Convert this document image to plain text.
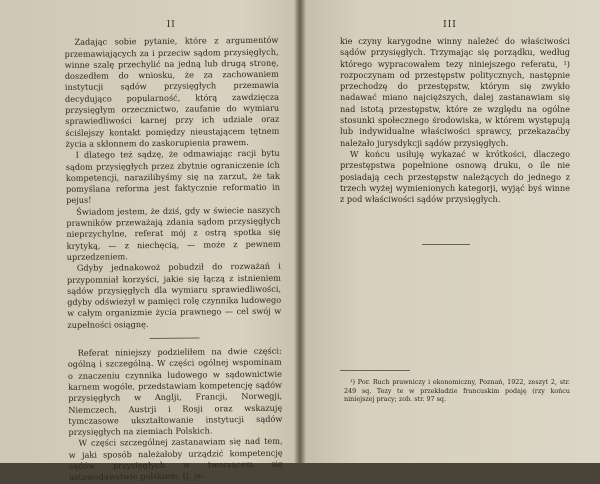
II

Zadając sobie pytanie, które z argumentów przemawiających za i przeciw sądom przysięgłych, winne szalę przechylić na jedną lub drugą stronę, doszedłem do wniosku, że za zachowaniem instytucji sądów przysięgłych przemawia decydująco popularność, którą zawdzięcza przysięgłym orzecznictwo, zaufanie do wymiaru sprawiedliwości karnej przy ich udziale oraz ściślejszy kontakt pomiędzy nieustającem tętnem życia a skłonnem do zaskorupienia prawem.

I dlatego też sądzę, że odmawiając racji bytu sądom przysięgłych przez zbytnie ograniczenie ich kompetencji, narazilibyśmy się na zarzut, że tak pomyślana reforma jest faktycznie reformatio in pejus!

Świadom jestem, że dziś, gdy w świecie naszych prawników przeważają zdania sądom przysięgłych nieprzychylne, referat mój z ostrą spotka się krytyką, — z niechęcią, — może z pewnem uprzedzeniem.

Gdyby jednakowoż pobudził do rozważań i przypomniał korzyści, jakie się łączą z istnieniem sądów przysięgłych dla wymiaru sprawiedliwości, gdyby odświeżył w pamięci rolę czynnika ludowego w całym organizmie życia prawnego — cel swój w zupełności osiągnę.

Referat niniejszy podzieliłem na dwie części: ogólną i szczególną. W części ogólnej wspominam o znaczeniu czynnika ludowego w sądownictwie karnem wogóle, przedstawiam kompetencję sądów przysięgłych w Anglji, Francji, Norwegji, Niemczech, Austrji i Rosji oraz wskazuję tymczasowe ukształtowanie instytucji sądów przysięgłych na ziemiach Polskich.

W części szczególnej zastanawiam się nad tem, w jaki sposób należałoby urządzić kompetencję sądów przysięgłych w tworzącem się ustawodawstwie polskiem, tj. ja-

III

kie czyny karygodne winny należeć do właściwości sądów przysięgłych. Trzymając się porządku, według którego wypracowałem tezy niniejszego referatu, ¹) rozpoczynam od przestępstw politycznych, następnie przechodzę do przestępstw, którym się zwykło nadawać miano najcięższych, dalej zastanawiam się nad istotą przestępstw, które ze względu na ogólne stosunki społecznego środowiska, w którem występują lub indywidualne właściwości sprawcy, przekazaćby należało jurysdykcji sądów przysięgłych.

W końcu usiłuję wykazać w krótkości, dlaczego przestępstwa popełnione osnową druku, o ile nie posiadają cech przestępstw należących do jednego z trzech wyżej wymienionych kategorji, wyjąć byś winne z pod właściwości sądów przysięgłych.

¹) Por. Ruch prawniczy i ekonomiczny, Poznań, 1922, zeszyt 2, str. 249 sq. Tezy te w przekładzie francuskim podaję (rzy końcu niniejszej pracy; zob. str. 97 sq.
